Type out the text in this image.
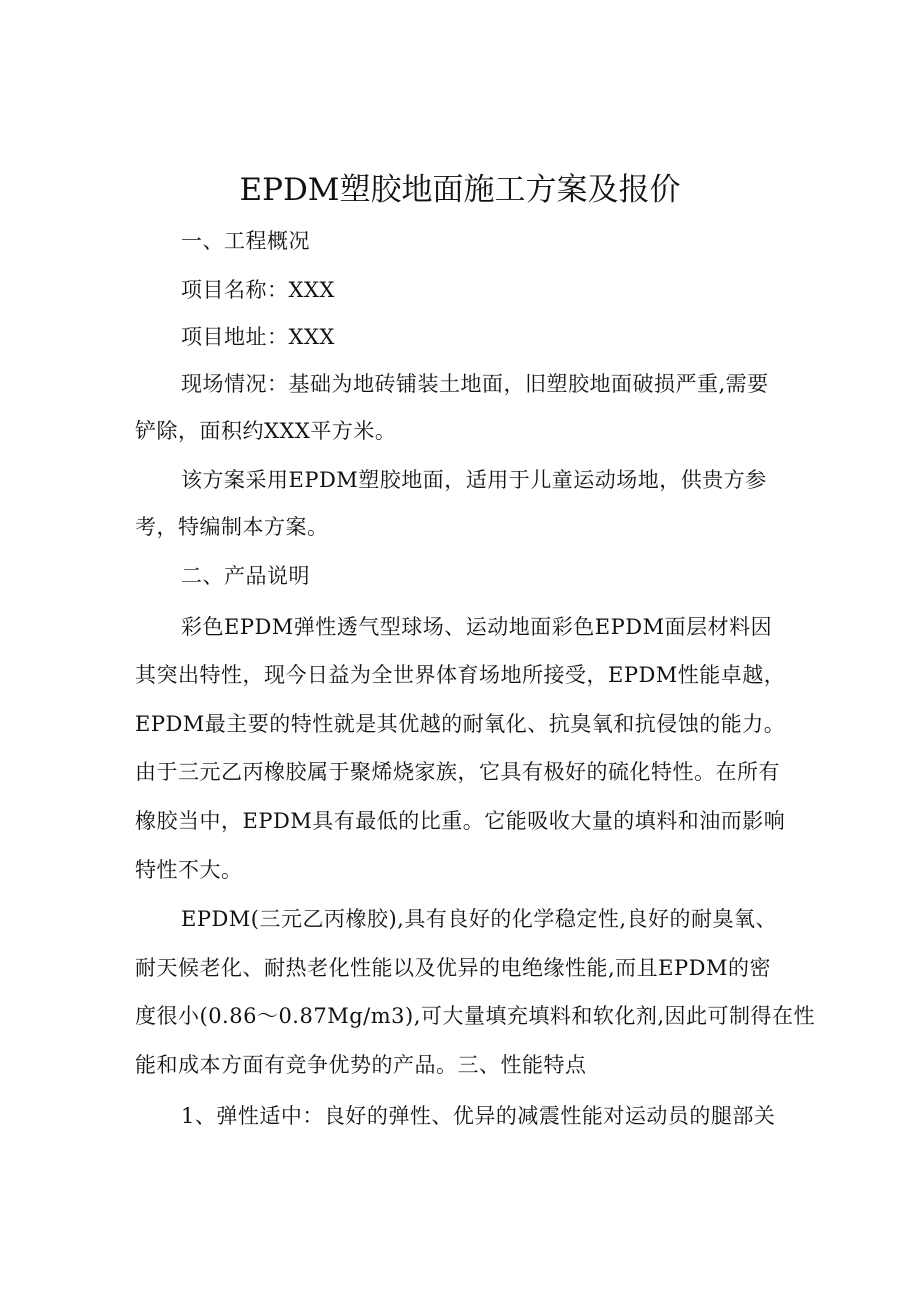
EPDM塑胶地面施工方案及报价
一、工程概况
项目名称：XXX
项目地址：XXX
现场情况：基础为地砖铺装土地面，旧塑胶地面破损严重,需要
铲除，面积约XXX平方米。
该方案采用EPDM塑胶地面，适用于儿童运动场地，供贵方参
考，特编制本方案。
二、产品说明
彩色EPDM弹性透气型球场、运动地面彩色EPDM面层材料因
其突出特性，现今日益为全世界体育场地所接受，EPDM性能卓越，
EPDM最主要的特性就是其优越的耐氧化、抗臭氧和抗侵蚀的能力。
由于三元乙丙橡胶属于聚烯烧家族，它具有极好的硫化特性。在所有
橡胶当中，EPDM具有最低的比重。它能吸收大量的填料和油而影响
特性不大。
EPDM(三元乙丙橡胶),具有良好的化学稳定性,良好的耐臭氧、
耐天候老化、耐热老化性能以及优异的电绝缘性能,而且EPDM的密
度很小(0.86～0.87Mg/m3),可大量填充填料和软化剂,因此可制得在性
能和成本方面有竞争优势的产品。三、性能特点
1、弹性适中：良好的弹性、优异的减震性能对运动员的腿部关
